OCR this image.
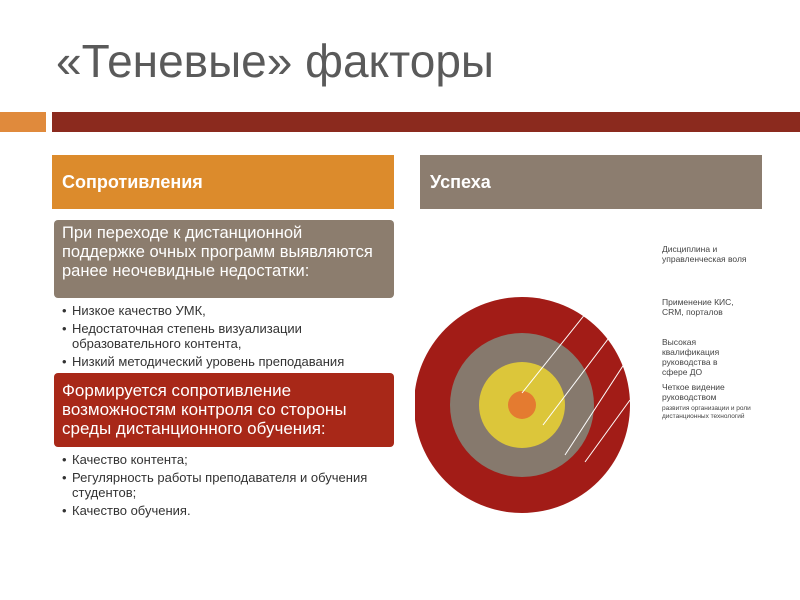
«Теневые» факторы
Сопротивления	Успеха
При переходе к дистанционной поддержке очных программ выявляются ранее неочевидные недостатки:
• Низкое качество УМК,
• Недостаточная степень визуализации образовательного контента,
• Низкий методический уровень преподавания
Формируется сопротивление возможностям контроля со стороны среды дистанционного обучения:
• Качество контента;
• Регулярность работы преподавателя и обучения студентов;
• Качество обучения.
Дисциплина и управленческая воля
Применение КИС, CRM, порталов
Высокая квалификация руководства в сфере ДО
Четкое видение руководством
развития организации и роли дистанционных технологий
